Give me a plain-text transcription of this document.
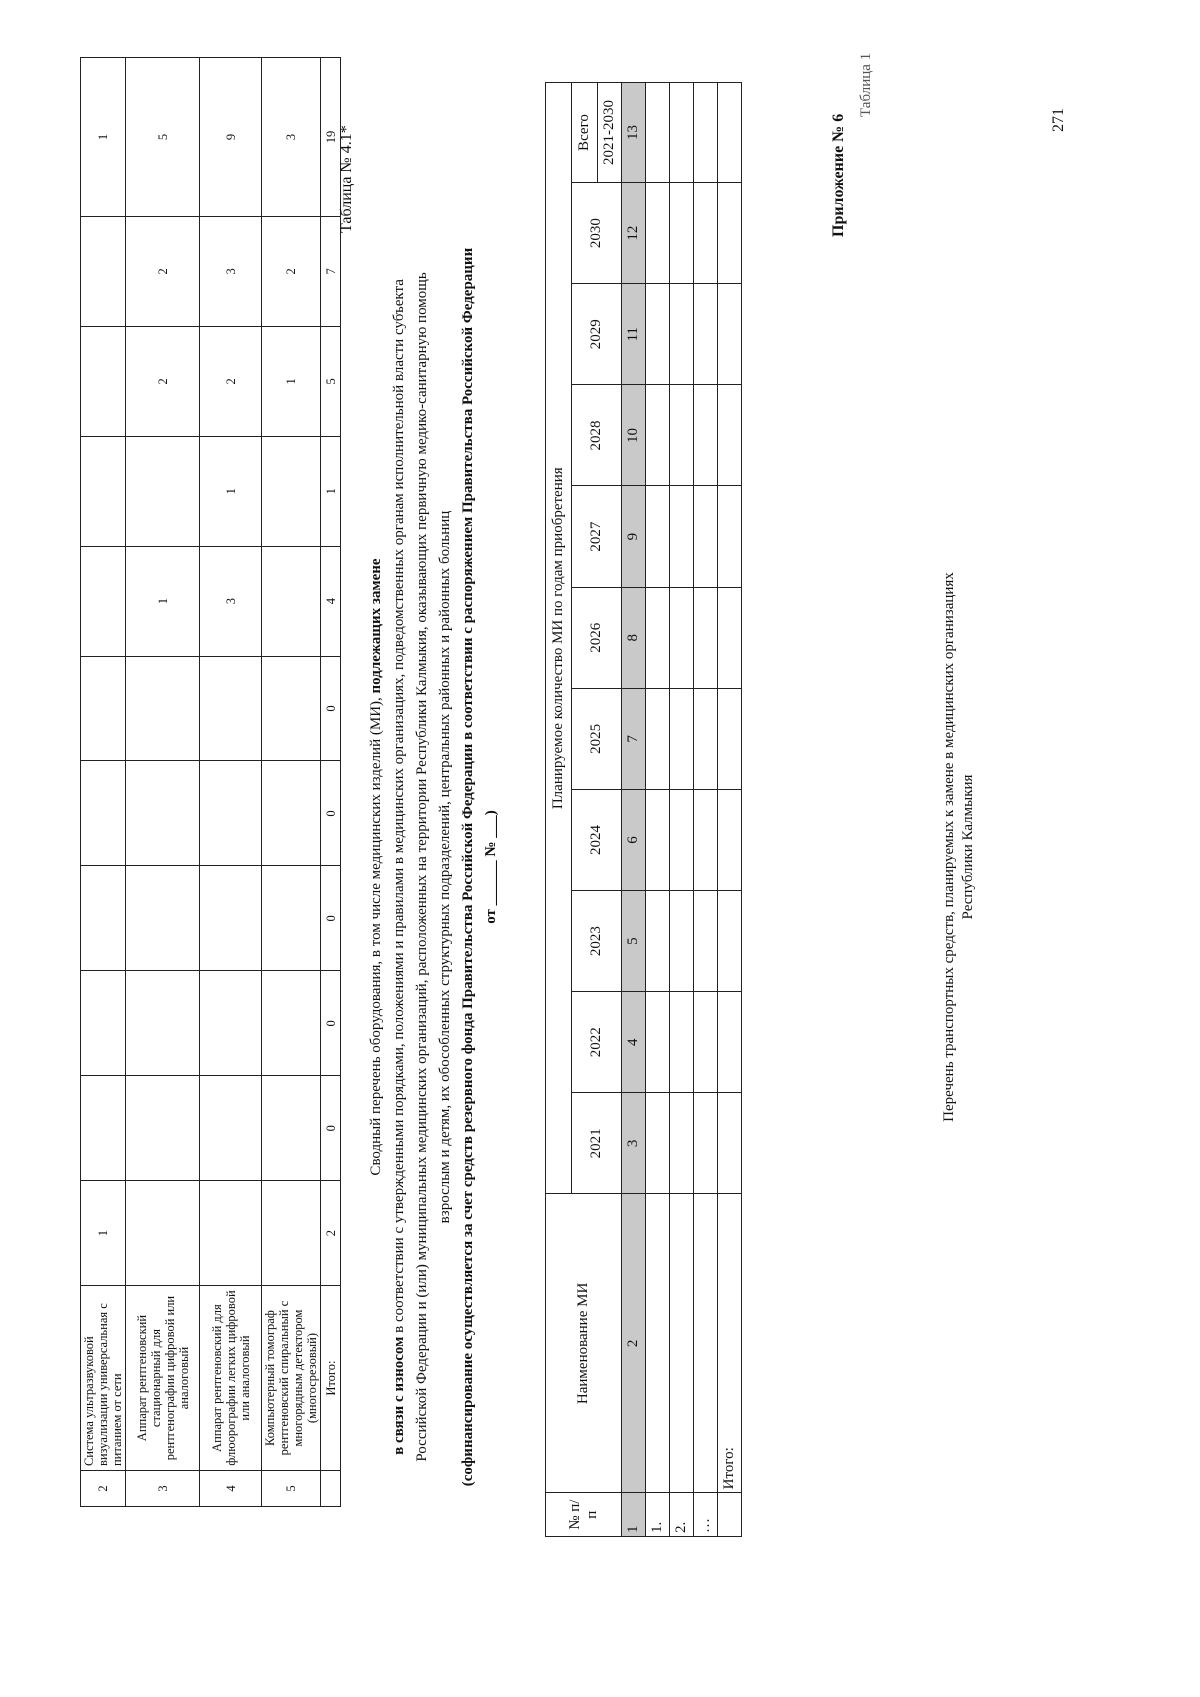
2	Система ультразвуковой визуализации универсальная с питанием от сети	1										1
3	Аппарат рентгеновский стационарный для рентгенографии цифровой или аналоговый							1		2	2	5
4	Аппарат рентгеновский для флюорографии легких цифровой или аналоговый							3	1	2	3	9
5	Компьютерный томограф рентгеновский спиральный с многорядным детектором (многосрезовый)									1	2	3
	Итого:	2	0	0	0	0	0	4	1	5	7	19 Таблица № 4.1*
Сводный перечень оборудования, в том числе медицинских изделий (МИ), подлежащих замене
в связи с износом в соответствии с утвержденными порядками, положениями и правилами в медицинских организациях, подведомственных органам исполнительной власти субъекта Российской Федерации и (или) муниципальных медицинских организаций, расположенных на территории Республики Калмыкия, оказывающих первичную медико-санитарную помощь взрослым и детям, их обособленных структурных подразделений, центральных районных и районных больниц (софинансирование осуществляется за счет средств резервного фонда Правительства Российской Федерации в соответствии с распоряжением Правительства Российской Федерации от ______ № ___)
№ п/п	Наименование МИ	Планируемое количество МИ по годам приобретения										
		2021	2022	2023	2024	2025	2026	2027	2028	2029	2030	Всего
												2021-2030
1	2	3	4	5	6	7	8	9	10	11	12	13
1.												
2.												
…												
	Итого:											
Приложение № 6
Таблица 1
Перечень транспортных средств, планируемых к замене в медицинских организациях Республики Калмыкия
271
